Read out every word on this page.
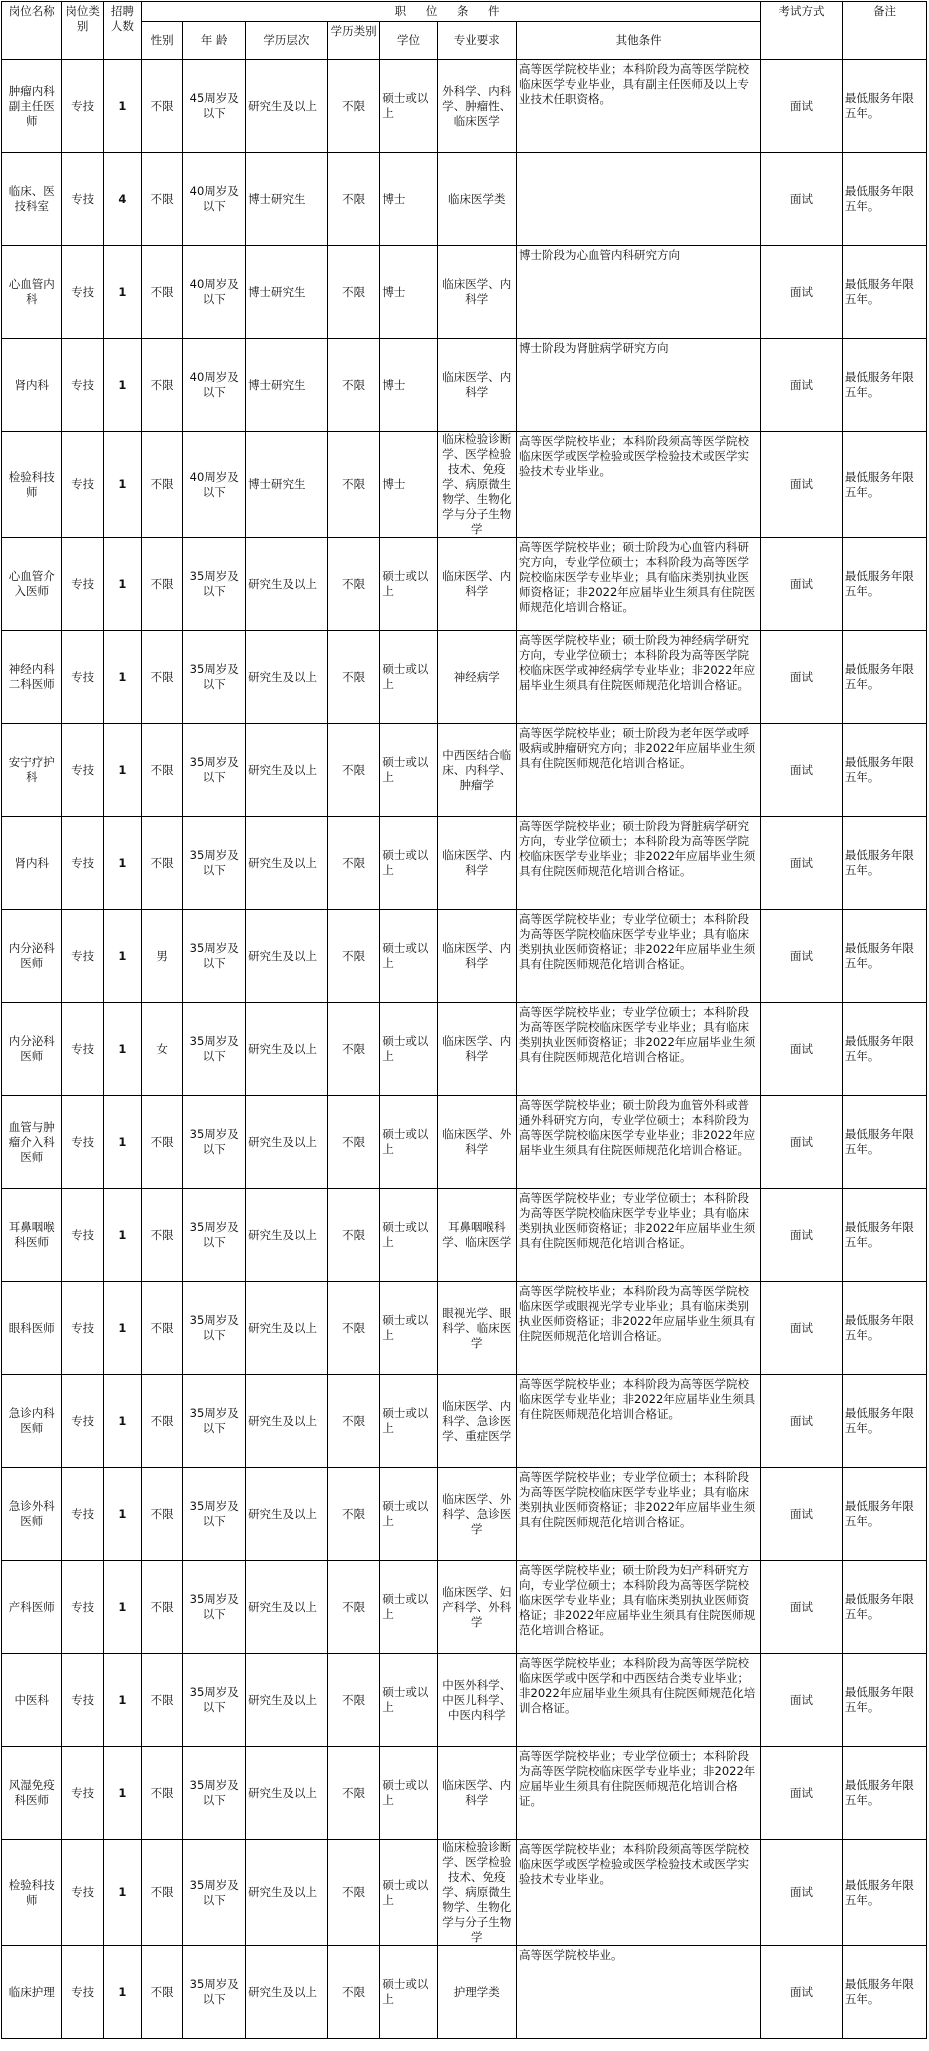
岗位名称	岗位类别	招聘人数	职 位 条 件							考试方式	备注
			性别	年 龄	学历层次	学历类别	学位	专业要求	其他条件		
肿瘤内科副主任医师	专技	1	不限	45周岁及以下	研究生及以上	不限	硕士或以上	外科学、内科学、肿瘤性、临床医学	高等医学院校毕业；本科阶段为高等医学院校临床医学专业毕业，具有副主任医师及以上专业技术任职资格。	面试	最低服务年限五年。
临床、医技科室	专技	4	不限	40周岁及以下	博士研究生	不限	博士	临床医学类		面试	最低服务年限五年。
心血管内科	专技	1	不限	40周岁及以下	博士研究生	不限	博士	临床医学、内科学	博士阶段为心血管内科研究方向	面试	最低服务年限五年。
肾内科	专技	1	不限	40周岁及以下	博士研究生	不限	博士	临床医学、内科学	博士阶段为肾脏病学研究方向	面试	最低服务年限五年。
检验科技师	专技	1	不限	40周岁及以下	博士研究生	不限	博士	临床检验诊断学、医学检验技术、免疫学、病原微生物学、生物化学与分子生物学	高等医学院校毕业；本科阶段须高等医学院校临床医学或医学检验或医学检验技术或医学实验技术专业毕业。	面试	最低服务年限五年。
心血管介入医师	专技	1	不限	35周岁及以下	研究生及以上	不限	硕士或以上	临床医学、内科学	高等医学院校毕业；硕士阶段为心血管内科研究方向，专业学位硕士；本科阶段为高等医学院校临床医学专业毕业；具有临床类别执业医师资格证；非2022年应届毕业生须具有住院医师规范化培训合格证。	面试	最低服务年限五年。
神经内科二科医师	专技	1	不限	35周岁及以下	研究生及以上	不限	硕士或以上	神经病学	高等医学院校毕业；硕士阶段为神经病学研究方向，专业学位硕士；本科阶段为高等医学院校临床医学或神经病学专业毕业；非2022年应届毕业生须具有住院医师规范化培训合格证。	面试	最低服务年限五年。
安宁疗护科	专技	1	不限	35周岁及以下	研究生及以上	不限	硕士或以上	中西医结合临床、内科学、肿瘤学	高等医学院校毕业；硕士阶段为老年医学或呼吸病或肿瘤研究方向；非2022年应届毕业生须具有住院医师规范化培训合格证。	面试	最低服务年限五年。
肾内科	专技	1	不限	35周岁及以下	研究生及以上	不限	硕士或以上	临床医学、内科学	高等医学院校毕业；硕士阶段为肾脏病学研究方向，专业学位硕士；本科阶段为高等医学院校临床医学专业毕业；非2022年应届毕业生须具有住院医师规范化培训合格证。	面试	最低服务年限五年。
内分泌科医师	专技	1	男	35周岁及以下	研究生及以上	不限	硕士或以上	临床医学、内科学	高等医学院校毕业；专业学位硕士；本科阶段为高等医学院校临床医学专业毕业；具有临床类别执业医师资格证；非2022年应届毕业生须具有住院医师规范化培训合格证。	面试	最低服务年限五年。
内分泌科医师	专技	1	女	35周岁及以下	研究生及以上	不限	硕士或以上	临床医学、内科学	高等医学院校毕业；专业学位硕士；本科阶段为高等医学院校临床医学专业毕业；具有临床类别执业医师资格证；非2022年应届毕业生须具有住院医师规范化培训合格证。	面试	最低服务年限五年。
血管与肿瘤介入科医师	专技	1	不限	35周岁及以下	研究生及以上	不限	硕士或以上	临床医学、外科学	高等医学院校毕业；硕士阶段为血管外科或普通外科研究方向，专业学位硕士；本科阶段为高等医学院校临床医学专业毕业；非2022年应届毕业生须具有住院医师规范化培训合格证。	面试	最低服务年限五年。
耳鼻咽喉科医师	专技	1	不限	35周岁及以下	研究生及以上	不限	硕士或以上	耳鼻咽喉科学、临床医学	高等医学院校毕业；专业学位硕士；本科阶段为高等医学院校临床医学专业毕业；具有临床类别执业医师资格证；非2022年应届毕业生须具有住院医师规范化培训合格证。	面试	最低服务年限五年。
眼科医师	专技	1	不限	35周岁及以下	研究生及以上	不限	硕士或以上	眼视光学、眼科学、临床医学	高等医学院校毕业；本科阶段为高等医学院校临床医学或眼视光学专业毕业；具有临床类别执业医师资格证；非2022年应届毕业生须具有住院医师规范化培训合格证。	面试	最低服务年限五年。
急诊内科医师	专技	1	不限	35周岁及以下	研究生及以上	不限	硕士或以上	临床医学、内科学、急诊医学、重症医学	高等医学院校毕业；本科阶段为高等医学院校临床医学专业毕业；非2022年应届毕业生须具有住院医师规范化培训合格证。	面试	最低服务年限五年。
急诊外科医师	专技	1	不限	35周岁及以下	研究生及以上	不限	硕士或以上	临床医学、外科学、急诊医学	高等医学院校毕业；专业学位硕士；本科阶段为高等医学院校临床医学专业毕业；具有临床类别执业医师资格证；非2022年应届毕业生须具有住院医师规范化培训合格证。	面试	最低服务年限五年。
产科医师	专技	1	不限	35周岁及以下	研究生及以上	不限	硕士或以上	临床医学、妇产科学、外科学	高等医学院校毕业；硕士阶段为妇产科研究方向，专业学位硕士；本科阶段为高等医学院校临床医学专业毕业；具有临床类别执业医师资格证；非2022年应届毕业生须具有住院医师规范化培训合格证。	面试	最低服务年限五年。
中医科	专技	1	不限	35周岁及以下	研究生及以上	不限	硕士或以上	中医外科学、中医儿科学、中医内科学	高等医学院校毕业；本科阶段为高等医学院校临床医学或中医学和中西医结合类专业毕业；非2022年应届毕业生须具有住院医师规范化培训合格证。	面试	最低服务年限五年。
风湿免疫科医师	专技	1	不限	35周岁及以下	研究生及以上	不限	硕士或以上	临床医学、内科学	高等医学院校毕业；专业学位硕士；本科阶段为高等医学院校临床医学专业毕业；非2022年应届毕业生须具有住院医师规范化培训合格证。	面试	最低服务年限五年。
检验科技师	专技	1	不限	35周岁及以下	研究生及以上	不限	硕士或以上	临床检验诊断学、医学检验技术、免疫学、病原微生物学、生物化学与分子生物学	高等医学院校毕业；本科阶段须高等医学院校临床医学或医学检验或医学检验技术或医学实验技术专业毕业。	面试	最低服务年限五年。
临床护理	专技	1	不限	35周岁及以下	研究生及以上	不限	硕士或以上	护理学类	高等医学院校毕业。	面试	最低服务年限五年。
